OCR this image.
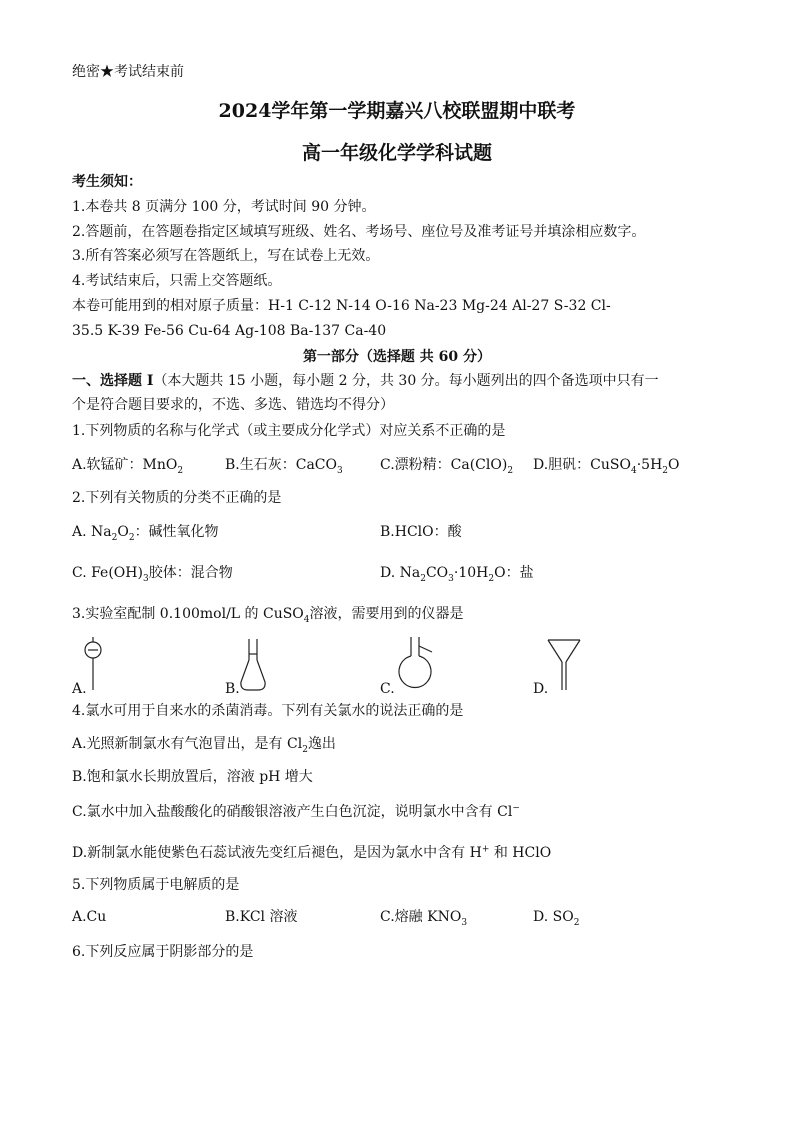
绝密★考试结束前
2024学年第一学期嘉兴八校联盟期中联考
高一年级化学学科试题
考生须知：
1.本卷共 8 页满分 100 分，考试时间 90 分钟。
2.答题前，在答题卷指定区域填写班级、姓名、考场号、座位号及准考证号并填涂相应数字。
3.所有答案必须写在答题纸上，写在试卷上无效。
4.考试结束后，只需上交答题纸。
本卷可能用到的相对原子质量：H-1 C-12 N-14 O-16 Na-23 Mg-24 Al-27 S-32 Cl-
35.5 K-39 Fe-56 Cu-64 Ag-108 Ba-137 Ca-40
第一部分（选择题 共 60 分）
一、选择题 I（本大题共 15 小题，每小题 2 分，共 30 分。每小题列出的四个备选项中只有一
个是符合题目要求的，不选、多选、错选均不得分）
1.下列物质的名称与化学式（或主要成分化学式）对应关系不正确的是
A.软锰矿：MnO$_2$	B.生石灰：CaCO$_3$	C.漂粉精：$Ca(ClO)_2$ D.胆矾：$CuSO_4\cdot 5H_2O$
2.下列有关物质的分类不正确的是
A. $Na_2O_2$：碱性氧化物	B.HClO：酸
C. $Fe(OH)_3$胶体：混合物	D. $Na_2CO_3\cdot 10H_2O$：盐
3.实验室配制 0.100mol/L 的 CuSO$_4$溶液，需要用到的仪器是
A.	B.	C.	D.
4.氯水可用于自来水的杀菌消毒。下列有关氯水的说法正确的是
A.光照新制氯水有气泡冒出，是有 $Cl_2$逸出
B.饱和氯水长期放置后，溶液 pH 增大
C.氯水中加入盐酸酸化的硝酸银溶液产生白色沉淀，说明氯水中含有 Cl−
D.新制氯水能使紫色石蕊试液先变红后褪色，是因为氯水中含有 H+ 和 HClO
5.下列物质属于电解质的是
A.Cu	B.KCl 溶液	C.熔融 $KNO_3$	D. $SO_2$
6.下列反应属于阴影部分的是
